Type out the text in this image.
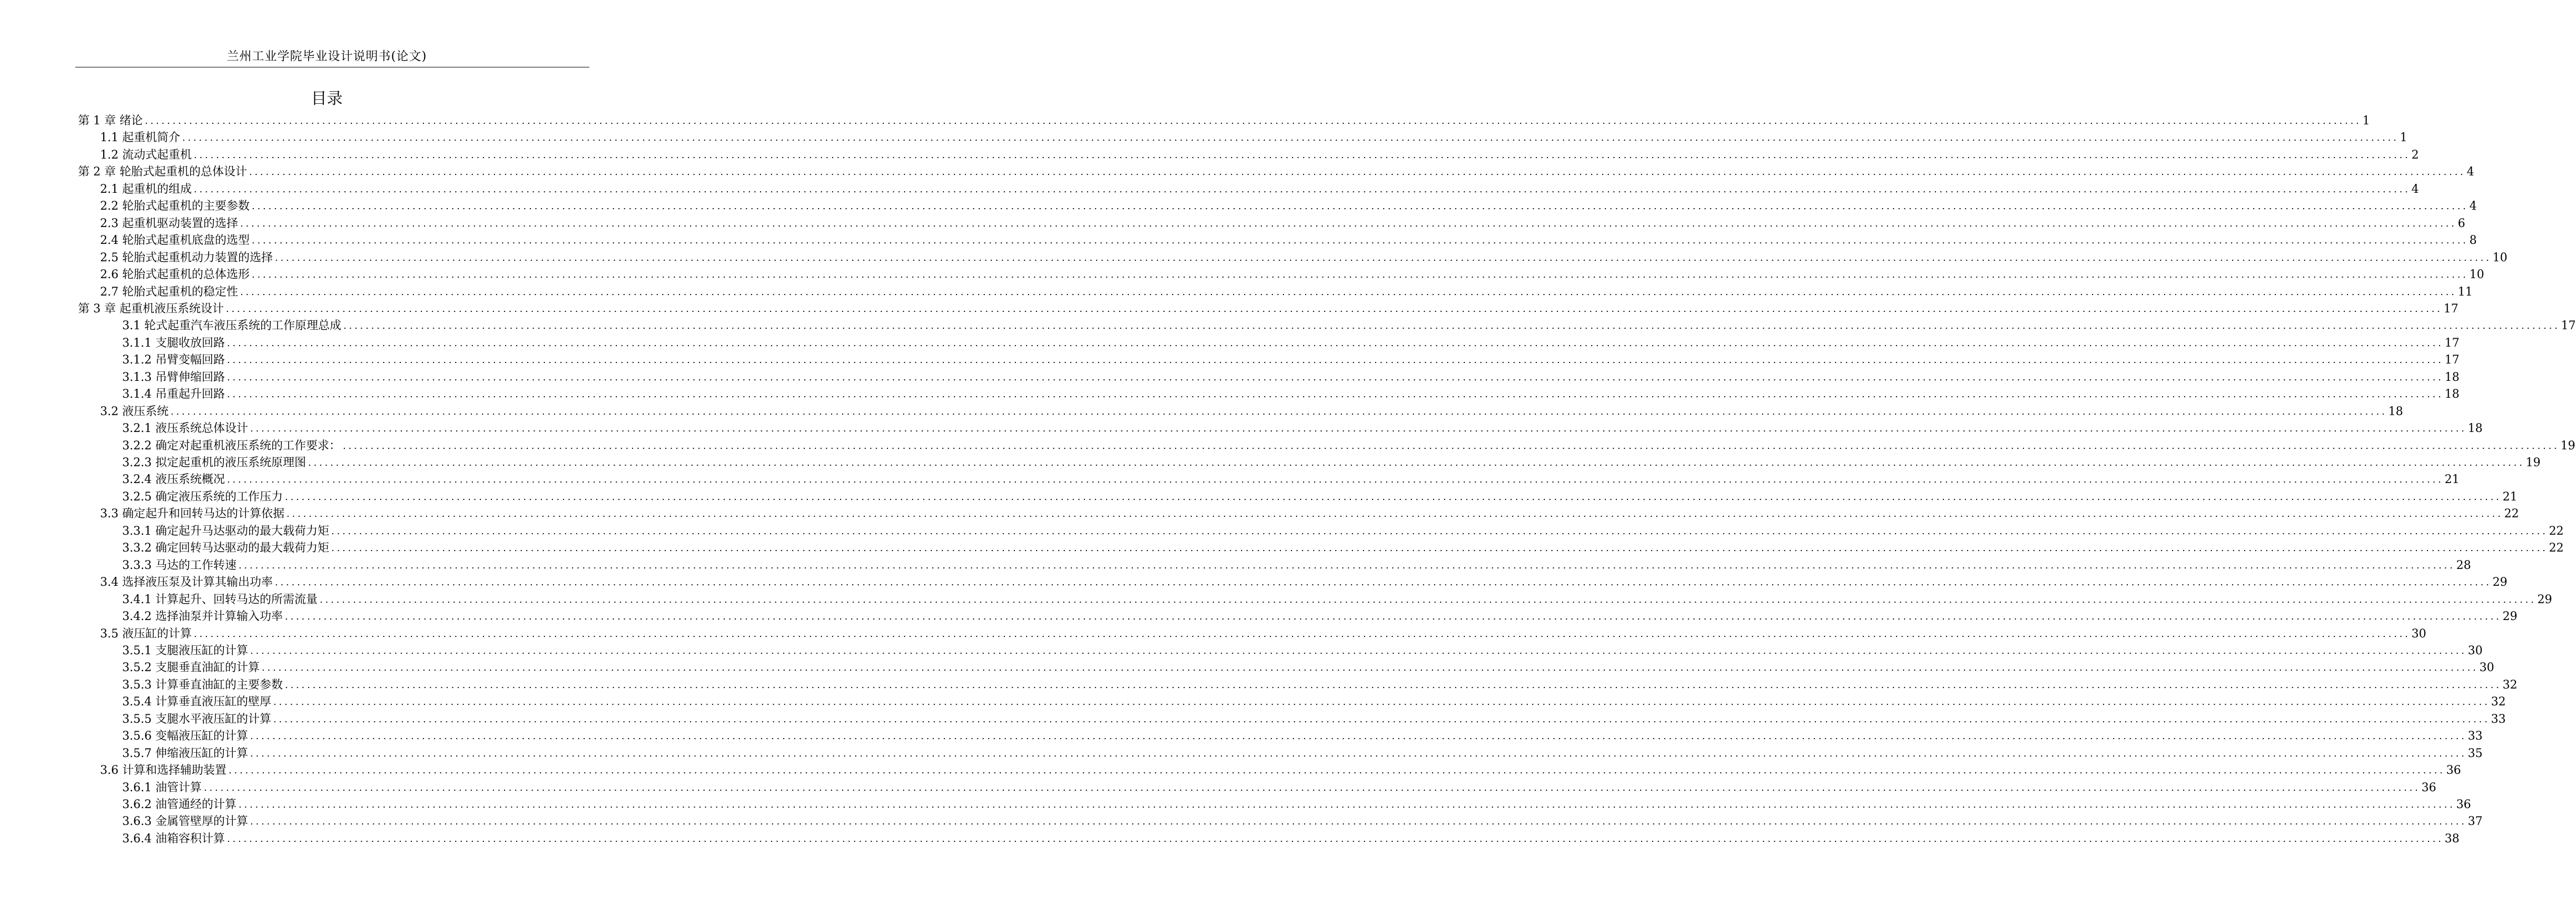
兰州工业学院毕业设计说明书(论文)
目录
第 1 章 绪论 ................................................................................................................................................................................................................................................................................................................................................................................................................ 1
1.1 起重机简介 ................................................................................................................................................................................................................................................................................................................................................................................................................ 1
1.2 流动式起重机 ................................................................................................................................................................................................................................................................................................................................................................................................................ 2
第 2 章 轮胎式起重机的总体设计 ................................................................................................................................................................................................................................................................................................................................................................................................................ 4
2.1 起重机的组成 ................................................................................................................................................................................................................................................................................................................................................................................................................ 4
2.2 轮胎式起重机的主要参数 ................................................................................................................................................................................................................................................................................................................................................................................................................ 4
2.3 起重机驱动装置的选择 ................................................................................................................................................................................................................................................................................................................................................................................................................ 6
2.4 轮胎式起重机底盘的选型 ................................................................................................................................................................................................................................................................................................................................................................................................................ 8
2.5 轮胎式起重机动力装置的选择 ................................................................................................................................................................................................................................................................................................................................................................................................................ 10
2.6 轮胎式起重机的总体选形 ................................................................................................................................................................................................................................................................................................................................................................................................................ 10
2.7 轮胎式起重机的稳定性 ................................................................................................................................................................................................................................................................................................................................................................................................................ 11
第 3 章 起重机液压系统设计 ................................................................................................................................................................................................................................................................................................................................................................................................................ 17
3.1 轮式起重汽车液压系统的工作原理总成 ................................................................................................................................................................................................................................................................................................................................................................................................................ 17
3.1.1 支腿收放回路 ................................................................................................................................................................................................................................................................................................................................................................................................................ 17
3.1.2 吊臂变幅回路 ................................................................................................................................................................................................................................................................................................................................................................................................................ 17
3.1.3 吊臂伸缩回路 ................................................................................................................................................................................................................................................................................................................................................................................................................ 18
3.1.4 吊重起升回路 ................................................................................................................................................................................................................................................................................................................................................................................................................ 18
3.2 液压系统 ................................................................................................................................................................................................................................................................................................................................................................................................................ 18
3.2.1 液压系统总体设计 ................................................................................................................................................................................................................................................................................................................................................................................................................ 18
3.2.2 确定对起重机液压系统的工作要求： ................................................................................................................................................................................................................................................................................................................................................................................................................ 19
3.2.3 拟定起重机的液压系统原理图 ................................................................................................................................................................................................................................................................................................................................................................................................................ 19
3.2.4 液压系统概况 ................................................................................................................................................................................................................................................................................................................................................................................................................ 21
3.2.5 确定液压系统的工作压力 ................................................................................................................................................................................................................................................................................................................................................................................................................ 21
3.3 确定起升和回转马达的计算依据 ................................................................................................................................................................................................................................................................................................................................................................................................................ 22
3.3.1 确定起升马达驱动的最大载荷力矩 ................................................................................................................................................................................................................................................................................................................................................................................................................ 22
3.3.2 确定回转马达驱动的最大载荷力矩 ................................................................................................................................................................................................................................................................................................................................................................................................................ 22
3.3.3 马达的工作转速 ................................................................................................................................................................................................................................................................................................................................................................................................................ 28
3.4 选择液压泵及计算其输出功率 ................................................................................................................................................................................................................................................................................................................................................................................................................ 29
3.4.1 计算起升、回转马达的所需流量 ................................................................................................................................................................................................................................................................................................................................................................................................................ 29
3.4.2 选择油泵并计算输入功率 ................................................................................................................................................................................................................................................................................................................................................................................................................ 29
3.5 液压缸的计算 ................................................................................................................................................................................................................................................................................................................................................................................................................ 30
3.5.1 支腿液压缸的计算 ................................................................................................................................................................................................................................................................................................................................................................................................................ 30
3.5.2 支腿垂直油缸的计算 ................................................................................................................................................................................................................................................................................................................................................................................................................ 30
3.5.3 计算垂直油缸的主要参数 ................................................................................................................................................................................................................................................................................................................................................................................................................ 32
3.5.4 计算垂直液压缸的壁厚 ................................................................................................................................................................................................................................................................................................................................................................................................................ 32
3.5.5 支腿水平液压缸的计算 ................................................................................................................................................................................................................................................................................................................................................................................................................ 33
3.5.6 变幅液压缸的计算 ................................................................................................................................................................................................................................................................................................................................................................................................................ 33
3.5.7 伸缩液压缸的计算 ................................................................................................................................................................................................................................................................................................................................................................................................................ 35
3.6 计算和选择辅助装置 ................................................................................................................................................................................................................................................................................................................................................................................................................ 36
3.6.1 油管计算 ................................................................................................................................................................................................................................................................................................................................................................................................................ 36
3.6.2 油管通经的计算 ................................................................................................................................................................................................................................................................................................................................................................................................................ 36
3.6.3 金属管壁厚的计算 ................................................................................................................................................................................................................................................................................................................................................................................................................ 37
3.6.4 油箱容积计算 ................................................................................................................................................................................................................................................................................................................................................................................................................ 38
